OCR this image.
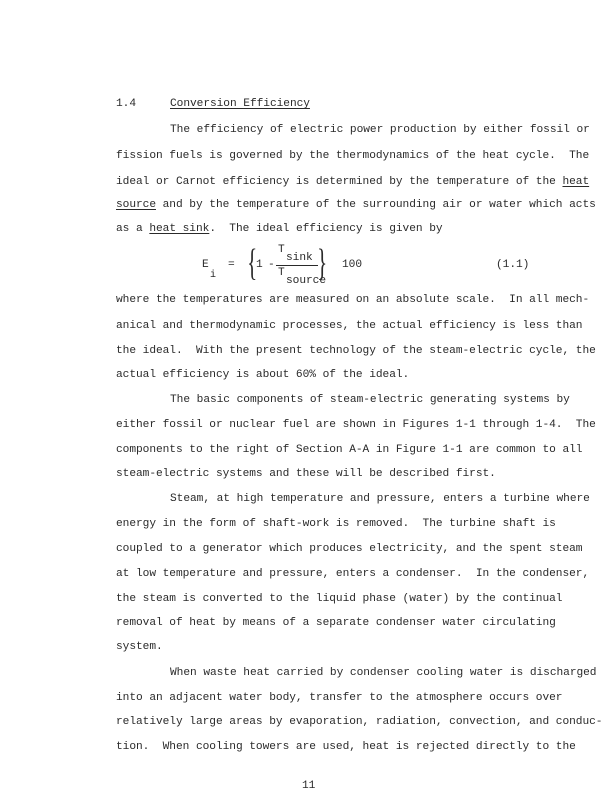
1.4	Conversion Efficiency
The efficiency of electric power production by either fossil or
fission fuels is governed by the thermodynamics of the heat cycle.  The
ideal or Carnot efficiency is determined by the temperature of the heat
source and by the temperature of the surrounding air or water which acts
as a heat sink.  The ideal efficiency is given by
E
i
= {
1 -
T
sink
T
source
} 100	(1.1)
where the temperatures are measured on an absolute scale.  In all mech-
anical and thermodynamic processes, the actual efficiency is less than
the ideal.  With the present technology of the steam-electric cycle, the
actual efficiency is about 60% of the ideal.
The basic components of steam-electric generating systems by
either fossil or nuclear fuel are shown in Figures 1-1 through 1-4.  The
components to the right of Section A-A in Figure 1-1 are common to all
steam-electric systems and these will be described first.
Steam, at high temperature and pressure, enters a turbine where
energy in the form of shaft-work is removed.  The turbine shaft is
coupled to a generator which produces electricity, and the spent steam
at low temperature and pressure, enters a condenser.  In the condenser,
the steam is converted to the liquid phase (water) by the continual
removal of heat by means of a separate condenser water circulating
system.
When waste heat carried by condenser cooling water is discharged
into an adjacent water body, transfer to the atmosphere occurs over
relatively large areas by evaporation, radiation, convection, and conduc-
tion.  When cooling towers are used, heat is rejected directly to the
11
